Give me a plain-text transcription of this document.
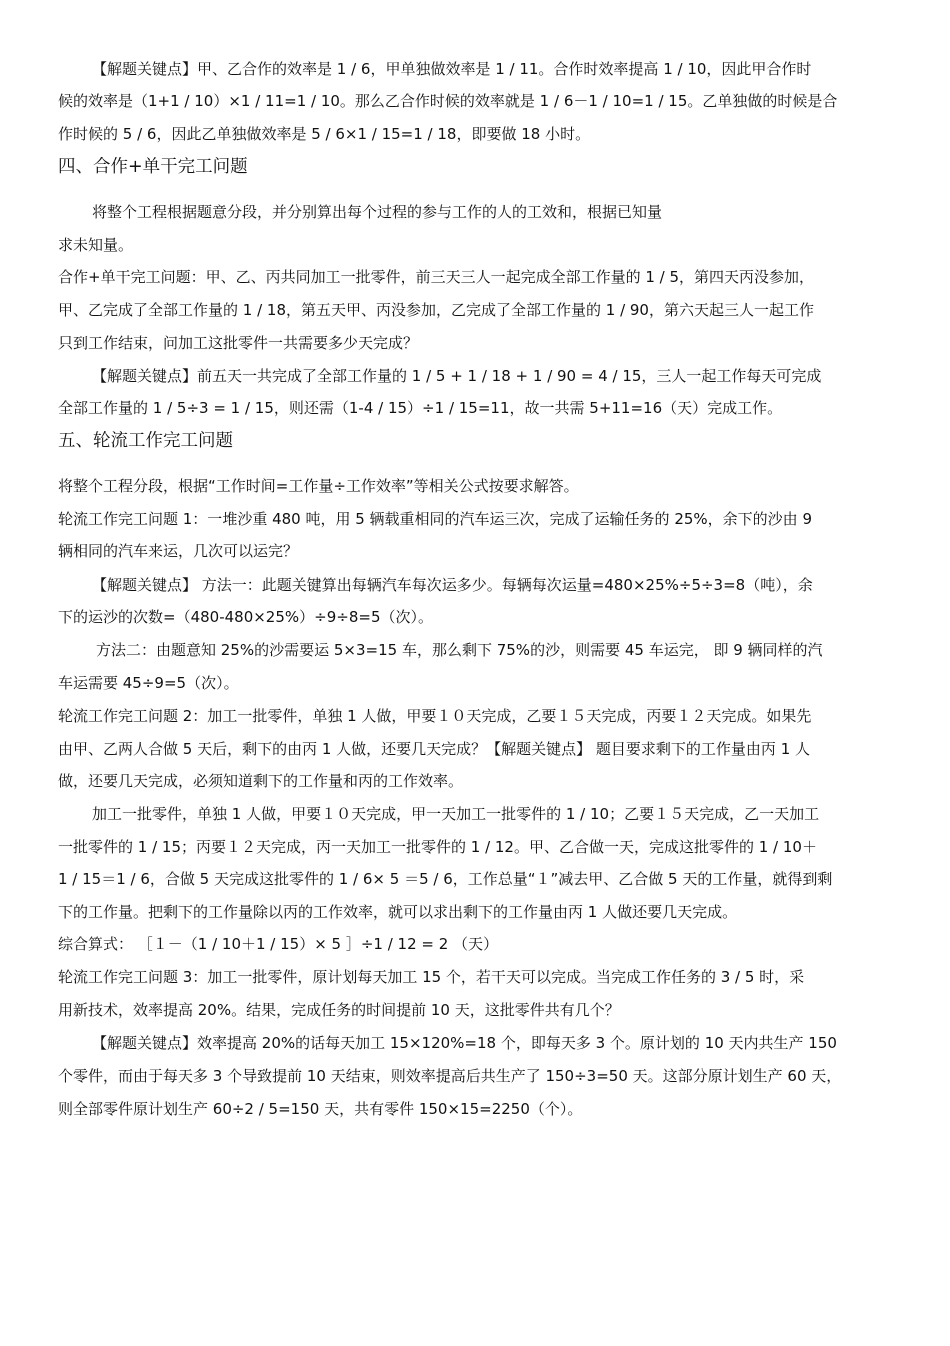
【解题关键点】甲、乙合作的效率是 1 / 6，甲单独做效率是 1 / 11。合作时效率提高 1 / 10，因此甲合作时
候的效率是（1+1 / 10）×1 / 11=1 / 10。那么乙合作时候的效率就是 1 / 6－1 / 10=1 / 15。乙单独做的时候是合
作时候的 5 / 6，因此乙单独做效率是 5 / 6×1 / 15=1 / 18，即要做 18 小时。
四、合作+单干完工问题
将整个工程根据题意分段，并分别算出每个过程的参与工作的人的工效和，根据已知量
求未知量。
合作+单干完工问题：甲、乙、丙共同加工一批零件，前三天三人一起完成全部工作量的 1 / 5，第四天丙没参加，
甲、乙完成了全部工作量的 1 / 18，第五天甲、丙没参加，乙完成了全部工作量的 1 / 90，第六天起三人一起工作
只到工作结束，问加工这批零件一共需要多少天完成？
【解题关键点】前五天一共完成了全部工作量的 1 / 5 + 1 / 18 + 1 / 90 = 4 / 15，三人一起工作每天可完成
全部工作量的 1 / 5÷3 = 1 / 15，则还需（1-4 / 15）÷1 / 15=11，故一共需 5+11=16（天）完成工作。
五、轮流工作完工问题
将整个工程分段，根据“工作时间=工作量÷工作效率”等相关公式按要求解答。
轮流工作完工问题 1：一堆沙重 480 吨，用 5 辆载重相同的汽车运三次，完成了运输任务的 25%，余下的沙由 9
辆相同的汽车来运，几次可以运完？
【解题关键点】 方法一：此题关键算出每辆汽车每次运多少。每辆每次运量=480×25%÷5÷3=8（吨），余
下的运沙的次数=（480-480×25%）÷9÷8=5（次）。
方法二：由题意知 25%的沙需要运 5×3=15 车，那么剩下 75%的沙，则需要 45 车运完， 即 9 辆同样的汽
车运需要 45÷9=5（次）。
轮流工作完工问题 2：加工一批零件，单独 1 人做，甲要１０天完成，乙要１５天完成，丙要１２天完成。如果先
由甲、乙两人合做 5 天后，剩下的由丙 1 人做，还要几天完成？【解题关键点】 题目要求剩下的工作量由丙 1 人
做，还要几天完成，必须知道剩下的工作量和丙的工作效率。
加工一批零件，单独 1 人做，甲要１０天完成，甲一天加工一批零件的 1 / 10；乙要１５天完成，乙一天加工
一批零件的 1 / 15；丙要１２天完成，丙一天加工一批零件的 1 / 12。甲、乙合做一天，完成这批零件的 1 / 10＋
1 / 15＝1 / 6，合做 5 天完成这批零件的 1 / 6× 5 ＝5 / 6，工作总量“１”减去甲、乙合做 5 天的工作量，就得到剩
下的工作量。把剩下的工作量除以丙的工作效率，就可以求出剩下的工作量由丙 1 人做还要几天完成。
综合算式： ［１－（1 / 10＋1 / 15）× 5 ］÷1 / 12 = 2 （天）
轮流工作完工问题 3：加工一批零件，原计划每天加工 15 个，若干天可以完成。当完成工作任务的 3 / 5 时，采
用新技术，效率提高 20%。结果，完成任务的时间提前 10 天，这批零件共有几个？
【解题关键点】效率提高 20%的话每天加工 15×120%=18 个，即每天多 3 个。原计划的 10 天内共生产 150
个零件，而由于每天多 3 个导致提前 10 天结束，则效率提高后共生产了 150÷3=50 天。这部分原计划生产 60 天，
则全部零件原计划生产 60÷2 / 5=150 天，共有零件 150×15=2250（个）。
